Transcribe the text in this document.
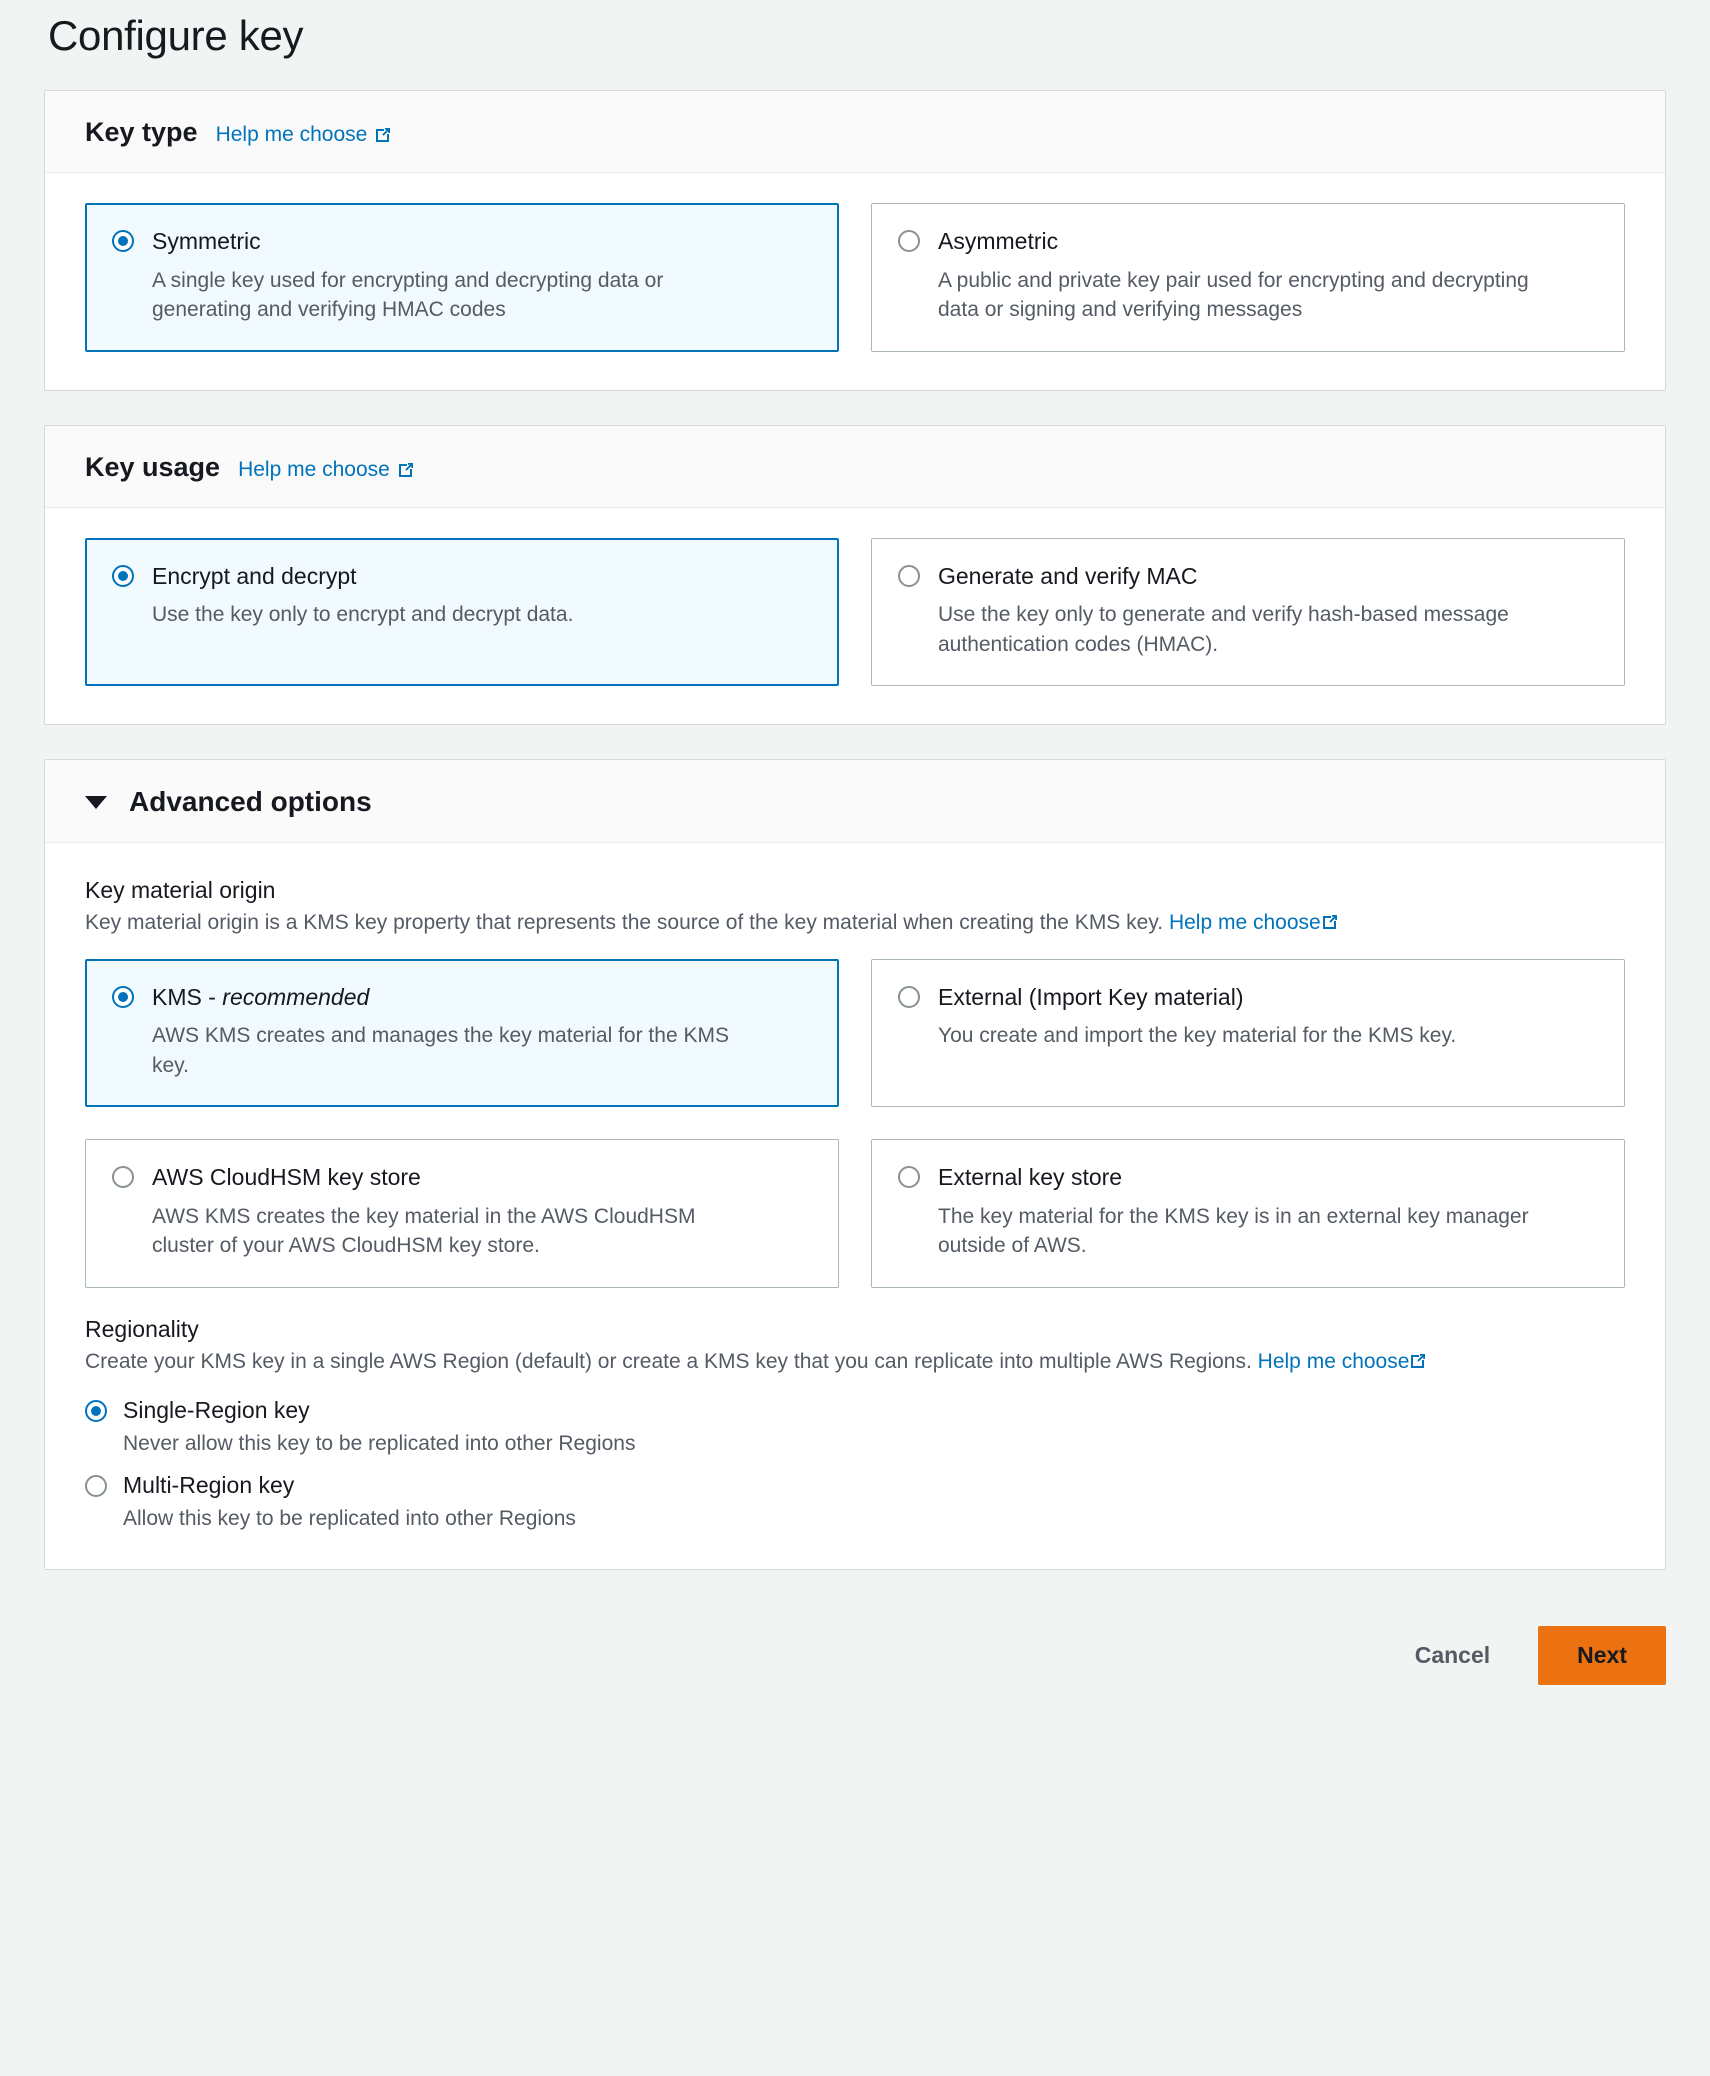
Configure key
Key type Help me choose
Symmetric
A single key used for encrypting and decrypting data or generating and verifying HMAC codes
Asymmetric
A public and private key pair used for encrypting and decrypting data or signing and verifying messages
Key usage Help me choose
Encrypt and decrypt
Use the key only to encrypt and decrypt data.
Generate and verify MAC
Use the key only to generate and verify hash-based message authentication codes (HMAC).
Advanced options
Key material origin

Key material origin is a KMS key property that represents the source of the key material when creating the KMS key. Help me choose

KMS - recommended
AWS KMS creates and manages the key material for the KMS key.
External (Import Key material)
You create and import the key material for the KMS key.
AWS CloudHSM key store
AWS KMS creates the key material in the AWS CloudHSM cluster of your AWS CloudHSM key store.
External key store
The key material for the KMS key is in an external key manager outside of AWS.
Regionality

Create your KMS key in a single AWS Region (default) or create a KMS key that you can replicate into multiple AWS Regions. Help me choose

Single-Region key
Never allow this key to be replicated into other Regions
Multi-Region key
Allow this key to be replicated into other Regions
Cancel	Next
